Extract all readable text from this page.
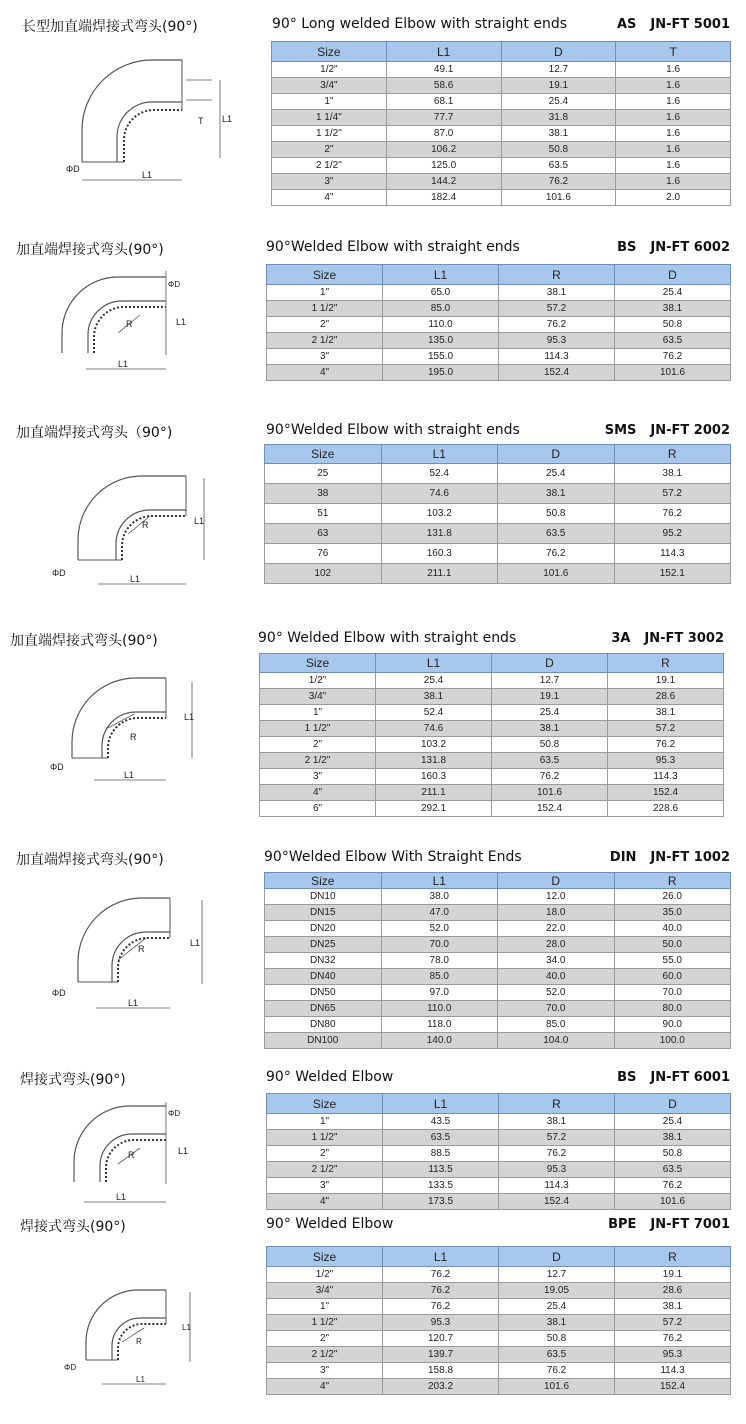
长型加直端焊接式弯头(90°)	90° Long welded Elbow with straight ends	AS JN-FT 5001
T L1
ΦD
L1
Size	L1	D	T
1/2"	49.1	12.7	1.6
3/4"	58.6	19.1	1.6
1"	68.1	25.4	1.6
1 1/4"	77.7	31.8	1.6
1 1/2"	87.0	38.1	1.6
2"	106.2	50.8	1.6
2 1/2"	125.0	63.5	1.6
3"	144.2	76.2	1.6
4"	182.4	101.6	2.0
加直端焊接式弯头(90°)	90°Welded Elbow with straight ends	BS JN-FT 6002
ΦD
L1
R
L1
Size	L1	R	D
1"	65.0	38.1	25.4
1 1/2"	85.0	57.2	38.1
2"	110.0	76.2	50.8
2 1/2"	135.0	95.3	63.5
3"	155.0	114.3	76.2
4"	195.0	152.4	101.6
加直端焊接式弯头（90°)	90°Welded Elbow with straight ends	SMS JN-FT 2002
L1
R
ΦD
L1
Size	L1	D	R
25	52.4	25.4	38.1
38	74.6	38.1	57.2
51	103.2	50.8	76.2
63	131.8	63.5	95.2
76	160.3	76.2	114.3
102	211.1	101.6	152.1
加直端焊接式弯头(90°)	90° Welded Elbow with straight ends	3A JN-FT 3002
L1
R
ΦD
L1
Size	L1	D	R
1/2"	25.4	12.7	19.1
3/4"	38.1	19.1	28.6
1"	52.4	25.4	38.1
1 1/2"	74.6	38.1	57.2
2"	103.2	50.8	76.2
2 1/2"	131.8	63.5	95.3
3"	160.3	76.2	114.3
4"	211.1	101.6	152.4
6"	292.1	152.4	228.6
加直端焊接式弯头(90°)	90°Welded Elbow With Straight Ends	DIN JN-FT 1002
L1
R
ΦD
L1
Size	L1	D	R
DN10	38.0	12.0	26.0
DN15	47.0	18.0	35.0
DN20	52.0	22.0	40.0
DN25	70.0	28.0	50.0
DN32	78.0	34.0	55.0
DN40	85.0	40.0	60.0
DN50	97.0	52.0	70.0
DN65	110.0	70.0	80.0
DN80	118.0	85.0	90.0
DN100	140.0	104.0	100.0
焊接式弯头(90°)	90° Welded Elbow	BS JN-FT 6001
ΦD
L1
R
L1
Size	L1	R	D
1"	43.5	38.1	25.4
1 1/2"	63.5	57.2	38.1
2"	88.5	76.2	50.8
2 1/2"	113.5	95.3	63.5
3"	133.5	114.3	76.2
4"	173.5	152.4	101.6
焊接式弯头(90°)	90° Welded Elbow	BPE JN-FT 7001
L1
R
ΦD
L1
Size	L1	D	R
1/2"	76.2	12.7	19.1
3/4"	76.2	19.05	28.6
1"	76.2	25.4	38.1
1 1/2"	95.3	38.1	57.2
2"	120.7	50.8	76.2
2 1/2"	139.7	63.5	95.3
3"	158.8	76.2	114.3
4"	203.2	101.6	152.4
